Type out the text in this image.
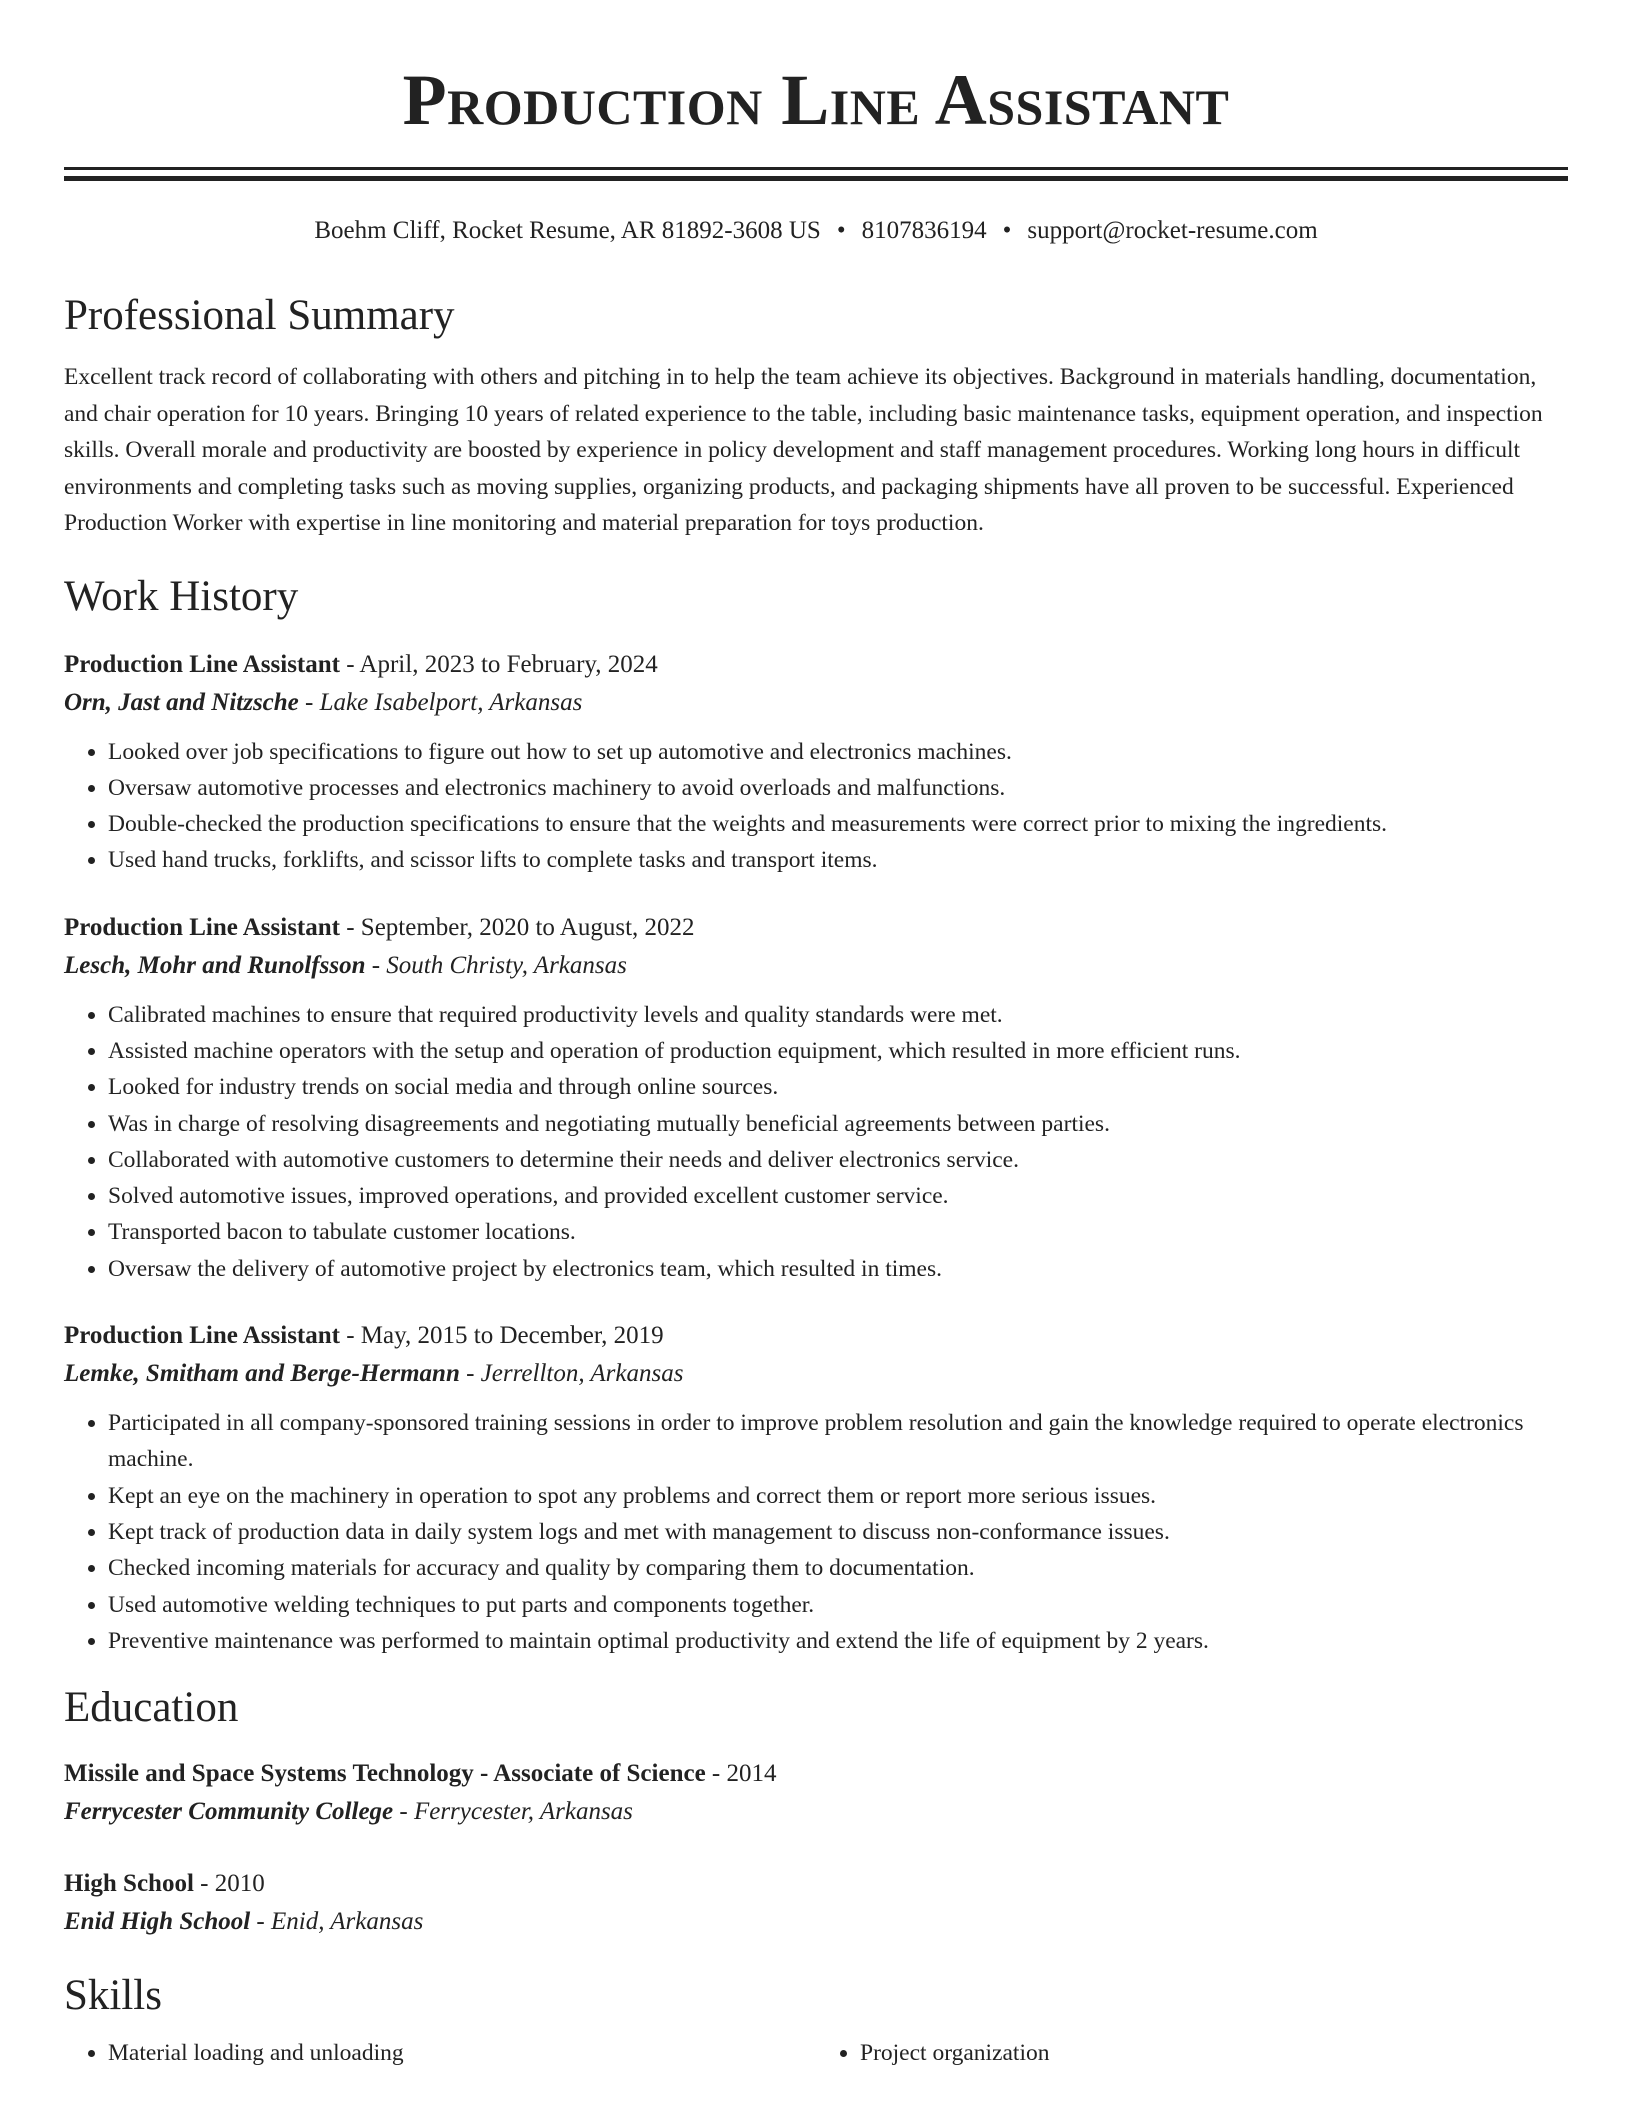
Production Line Assistant
Boehm Cliff, Rocket Resume, AR 81892-3608 US • 8107836194 • support@rocket-resume.com
Professional Summary

Excellent track record of collaborating with others and pitching in to help the team achieve its objectives. Background in materials handling, documentation, and chair operation for 10 years. Bringing 10 years of related experience to the table, including basic maintenance tasks, equipment operation, and inspection skills. Overall morale and productivity are boosted by experience in policy development and staff management procedures. Working long hours in difficult environments and completing tasks such as moving supplies, organizing products, and packaging shipments have all proven to be successful. Experienced Production Worker with expertise in line monitoring and material preparation for toys production.

Work History
Production Line Assistant - April, 2023 to February, 2024
Orn, Jast and Nitzsche - Lake Isabelport, Arkansas
• Looked over job specifications to figure out how to set up automotive and electronics machines.
• Oversaw automotive processes and electronics machinery to avoid overloads and malfunctions.
• Double-checked the production specifications to ensure that the weights and measurements were correct prior to mixing the ingredients.
• Used hand trucks, forklifts, and scissor lifts to complete tasks and transport items.
Production Line Assistant - September, 2020 to August, 2022
Lesch, Mohr and Runolfsson - South Christy, Arkansas
• Calibrated machines to ensure that required productivity levels and quality standards were met.
• Assisted machine operators with the setup and operation of production equipment, which resulted in more efficient runs.
• Looked for industry trends on social media and through online sources.
• Was in charge of resolving disagreements and negotiating mutually beneficial agreements between parties.
• Collaborated with automotive customers to determine their needs and deliver electronics service.
• Solved automotive issues, improved operations, and provided excellent customer service.
• Transported bacon to tabulate customer locations.
• Oversaw the delivery of automotive project by electronics team, which resulted in times.
Production Line Assistant - May, 2015 to December, 2019
Lemke, Smitham and Berge-Hermann - Jerrellton, Arkansas
• Participated in all company-sponsored training sessions in order to improve problem resolution and gain the knowledge required to operate electronics machine.
• Kept an eye on the machinery in operation to spot any problems and correct them or report more serious issues.
• Kept track of production data in daily system logs and met with management to discuss non-conformance issues.
• Checked incoming materials for accuracy and quality by comparing them to documentation.
• Used automotive welding techniques to put parts and components together.
• Preventive maintenance was performed to maintain optimal productivity and extend the life of equipment by 2 years.
Education
Missile and Space Systems Technology - Associate of Science - 2014
Ferrycester Community College - Ferrycester, Arkansas
High School - 2010
Enid High School - Enid, Arkansas
Skills
• Material loading and unloading
•	Project organization
